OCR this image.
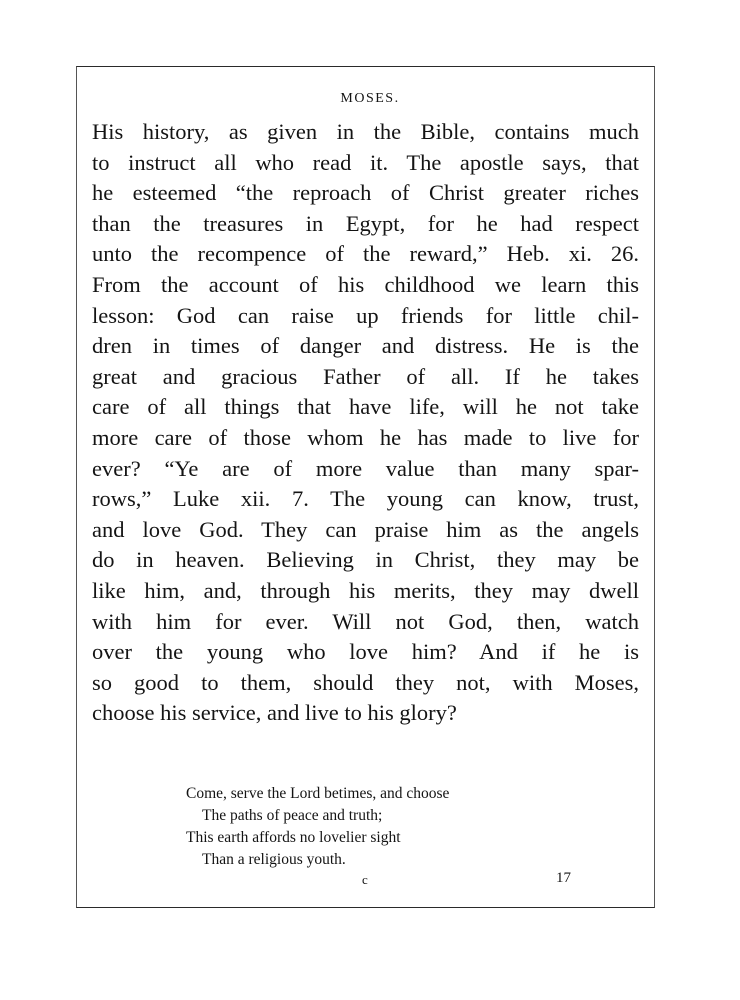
MOSES.

His history, as given in the Bible, contains much
to instruct all who read it. The apostle says, that
he esteemed “the reproach of Christ greater riches
than the treasures in Egypt, for he had respect
unto the recompence of the reward,” Heb. xi. 26.
From the account of his childhood we learn this
lesson: God can raise up friends for little chil-
dren in times of danger and distress. He is the
great and gracious Father of all. If he takes
care of all things that have life, will he not take
more care of those whom he has made to live for
ever? “Ye are of more value than many spar-
rows,” Luke xii. 7. The young can know, trust,
and love God. They can praise him as the angels
do in heaven. Believing in Christ, they may be
like him, and, through his merits, they may dwell
with him for ever. Will not God, then, watch
over the young who love him? And if he is
so good to them, should they not, with Moses,
choose his service, and live to his glory?

Come, serve the Lord betimes, and choose
The paths of peace and truth;
This earth affords no lovelier sight
Than a religious youth.
c	17
